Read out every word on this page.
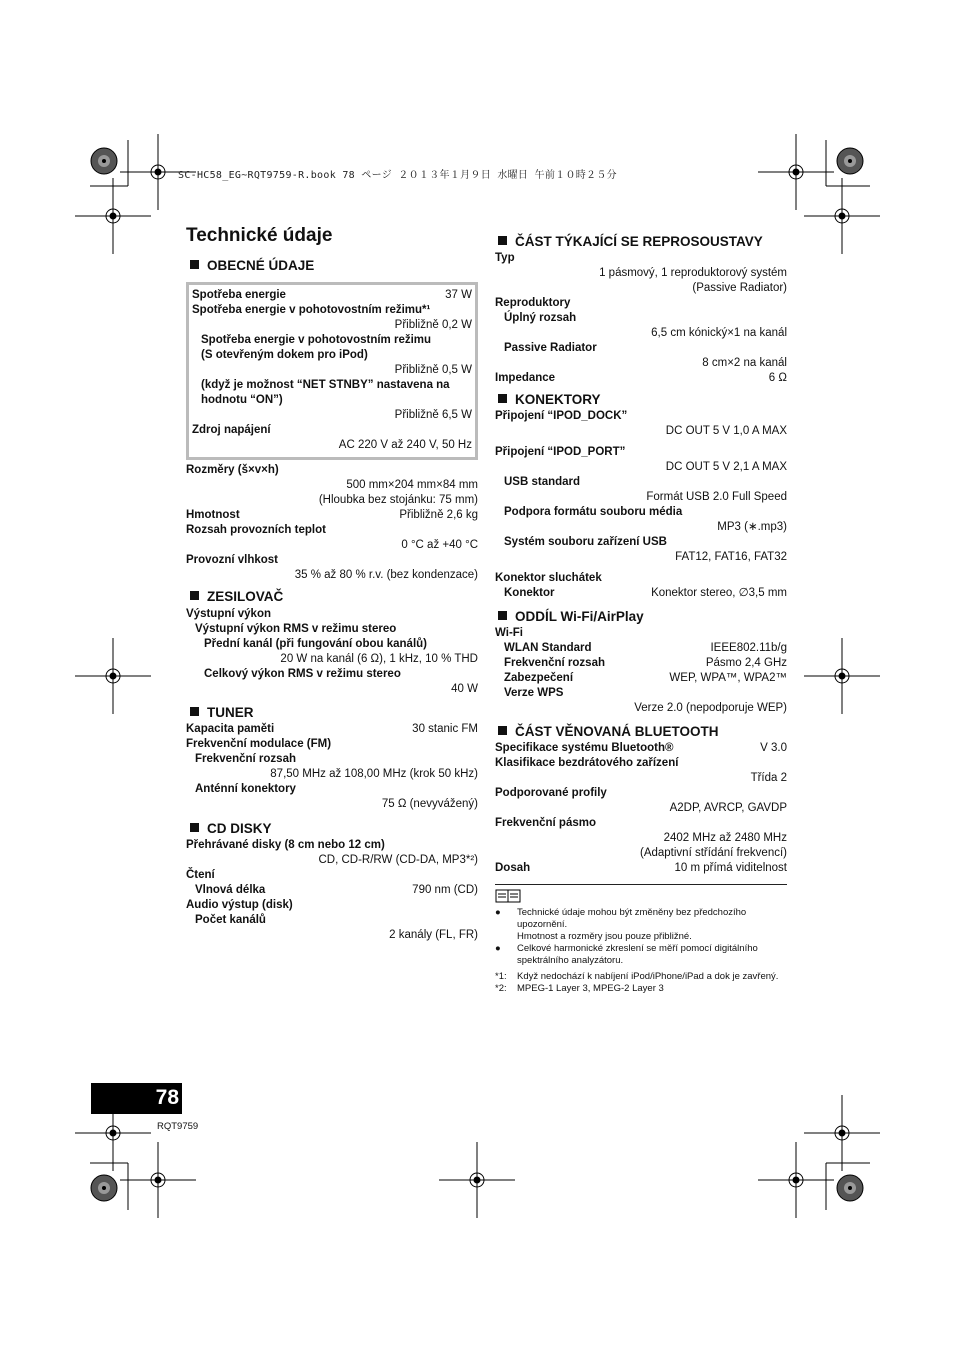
SC-HC58_EG~RQT9759-R.book 78 ページ ２０１３年１月９日 水曜日 午前１０時２５分
Technické údaje
OBECNÉ ÚDAJE
Spotřeba energie	37 W
Spotřeba energie v pohotovostním režimu*¹
Přibližně 0,2 W
Spotřeba energie v pohotovostním režimu (S otevřeným dokem pro iPod)
Přibližně 0,5 W
(když je možnost “NET STNBY” nastavena na hodnotu “ON”)
Přibližně 6,5 W
Zdroj napájení
AC 220 V až 240 V, 50 Hz
Rozměry (š×v×h)
500 mm×204 mm×84 mm
(Hloubka bez stojánku: 75 mm)
Hmotnost	Přibližně 2,6 kg
Rozsah provozních teplot
0 °C až +40 °C
Provozní vlhkost
35 % až 80 % r.v. (bez kondenzace)
ZESILOVAČ
Výstupní výkon
Výstupní výkon RMS v režimu stereo
Přední kanál (při fungování obou kanálů)
20 W na kanál (6 Ω), 1 kHz, 10 % THD
Celkový výkon RMS v režimu stereo
40 W
TUNER
Kapacita paměti	30 stanic FM
Frekvenční modulace (FM)
Frekvenční rozsah
87,50 MHz až 108,00 MHz (krok 50 kHz)
Anténní konektory
75 Ω (nevyvážený)
CD DISKY
Přehrávané disky (8 cm nebo 12 cm)
CD, CD-R/RW (CD-DA, MP3*²)
Čtení
Vlnová délka	790 nm (CD)
Audio výstup (disk)
Počet kanálů
2 kanály (FL, FR)
ČÁST TÝKAJÍCÍ SE REPROSOUSTAVY
Typ
1 pásmový, 1 reproduktorový systém
(Passive Radiator)
Reproduktory
Úplný rozsah
6,5 cm kónický×1 na kanál
Passive Radiator
8 cm×2 na kanál
Impedance	6 Ω
KONEKTORY
Připojení “IPOD_DOCK”
DC OUT 5 V 1,0 A MAX
Připojení “IPOD_PORT”
DC OUT 5 V 2,1 A MAX
USB standard
Formát USB 2.0 Full Speed
Podpora formátu souboru média
MP3 (∗.mp3)
Systém souboru zařízení USB
FAT12, FAT16, FAT32
Konektor sluchátek
Konektor	Konektor stereo, ∅3,5 mm
ODDÍL Wi-Fi/AirPlay
Wi-Fi
WLAN Standard	IEEE802.11b/g
Frekvenční rozsah	Pásmo 2,4 GHz
Zabezpečení	WEP, WPA™, WPA2™
Verze WPS
Verze 2.0 (nepodporuje WEP)
ČÁST VĚNOVANÁ BLUETOOTH
Specifikace systému Bluetooth®	V 3.0
Klasifikace bezdrátového zařízení
Třída 2
Podporované profily
A2DP, AVRCP, GAVDP
Frekvenční pásmo
2402 MHz až 2480 MHz
(Adaptivní střídání frekvencí)
Dosah	10 m přímá viditelnost
●	Technické údaje mohou být změněny bez předchozího upozornění.
Hmotnost a rozměry jsou pouze přibližné.
●	Celkové harmonické zkreslení se měří pomocí digitálního spektrálního analyzátoru.
*1:	Když nedochází k nabíjení iPod/iPhone/iPad a dok je zavřený.
*2:	MPEG-1 Layer 3, MPEG-2 Layer 3
78
RQT9759
